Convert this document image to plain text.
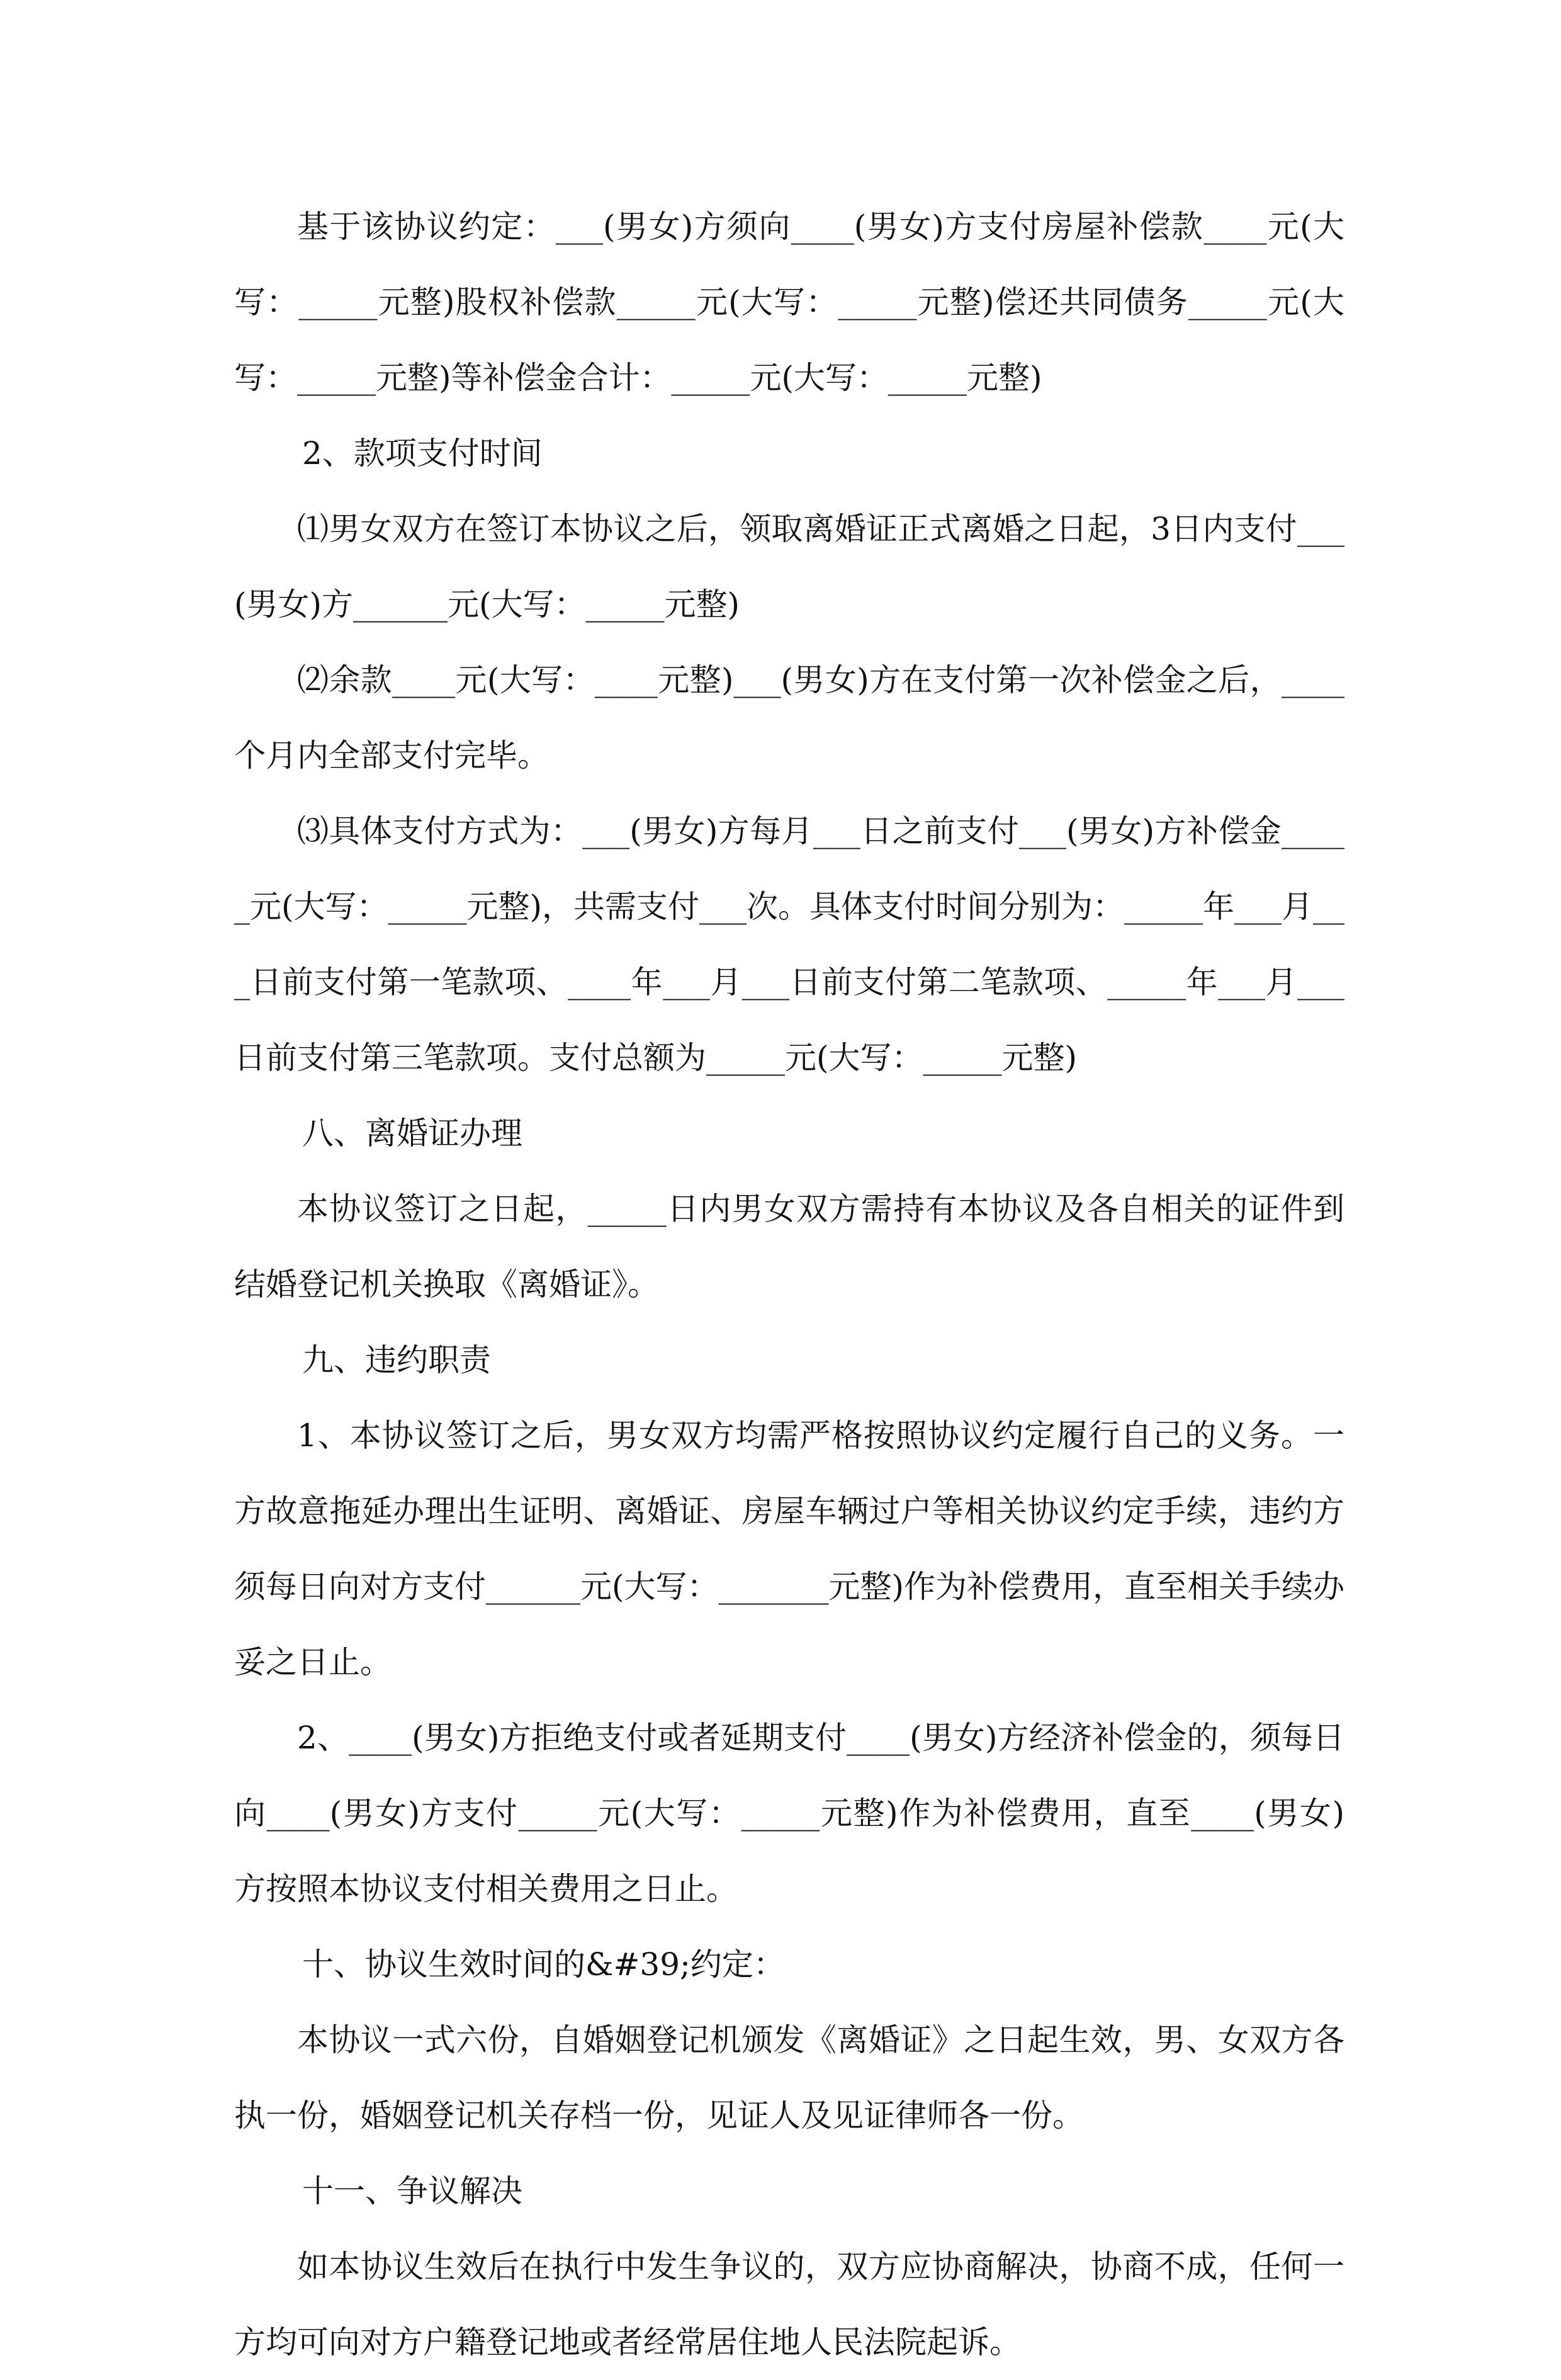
基于该协议约定：___(男女)方须向____(男女)方支付房屋补偿款____元(大写：_____元整)股权补偿款_____元(大写：_____元整)偿还共同债务_____元(大写：_____元整)等补偿金合计：_____元(大写：_____元整)

2、款项支付时间

⑴男女双方在签订本协议之后，领取离婚证正式离婚之日起，3日内支付___(男女)方______元(大写：_____元整)

⑵余款____元(大写：____元整)___(男女)方在支付第一次补偿金之后，____个月内全部支付完毕。

⑶具体支付方式为：___(男女)方每月___日之前支付___(男女)方补偿金_____元(大写：_____元整)，共需支付___次。具体支付时间分别为：_____年___月___日前支付第一笔款项、____年___月___日前支付第二笔款项、_____年___月___日前支付第三笔款项。支付总额为_____元(大写：_____元整)

八、离婚证办理

本协议签订之日起，_____日内男女双方需持有本协议及各自相关的证件到结婚登记机关换取《离婚证》。

九、违约职责

1、本协议签订之后，男女双方均需严格按照协议约定履行自己的义务。一方故意拖延办理出生证明、离婚证、房屋车辆过户等相关协议约定手续，违约方须每日向对方支付______元(大写：_______元整)作为补偿费用，直至相关手续办妥之日止。

2、____(男女)方拒绝支付或者延期支付____(男女)方经济补偿金的，须每日向____(男女)方支付_____元(大写：_____元整)作为补偿费用，直至____(男女)方按照本协议支付相关费用之日止。

十、协议生效时间的&#39;约定：

本协议一式六份，自婚姻登记机颁发《离婚证》之日起生效，男、女双方各执一份，婚姻登记机关存档一份，见证人及见证律师各一份。

十一、争议解决

如本协议生效后在执行中发生争议的，双方应协商解决，协商不成，任何一方均可向对方户籍登记地或者经常居住地人民法院起诉。
